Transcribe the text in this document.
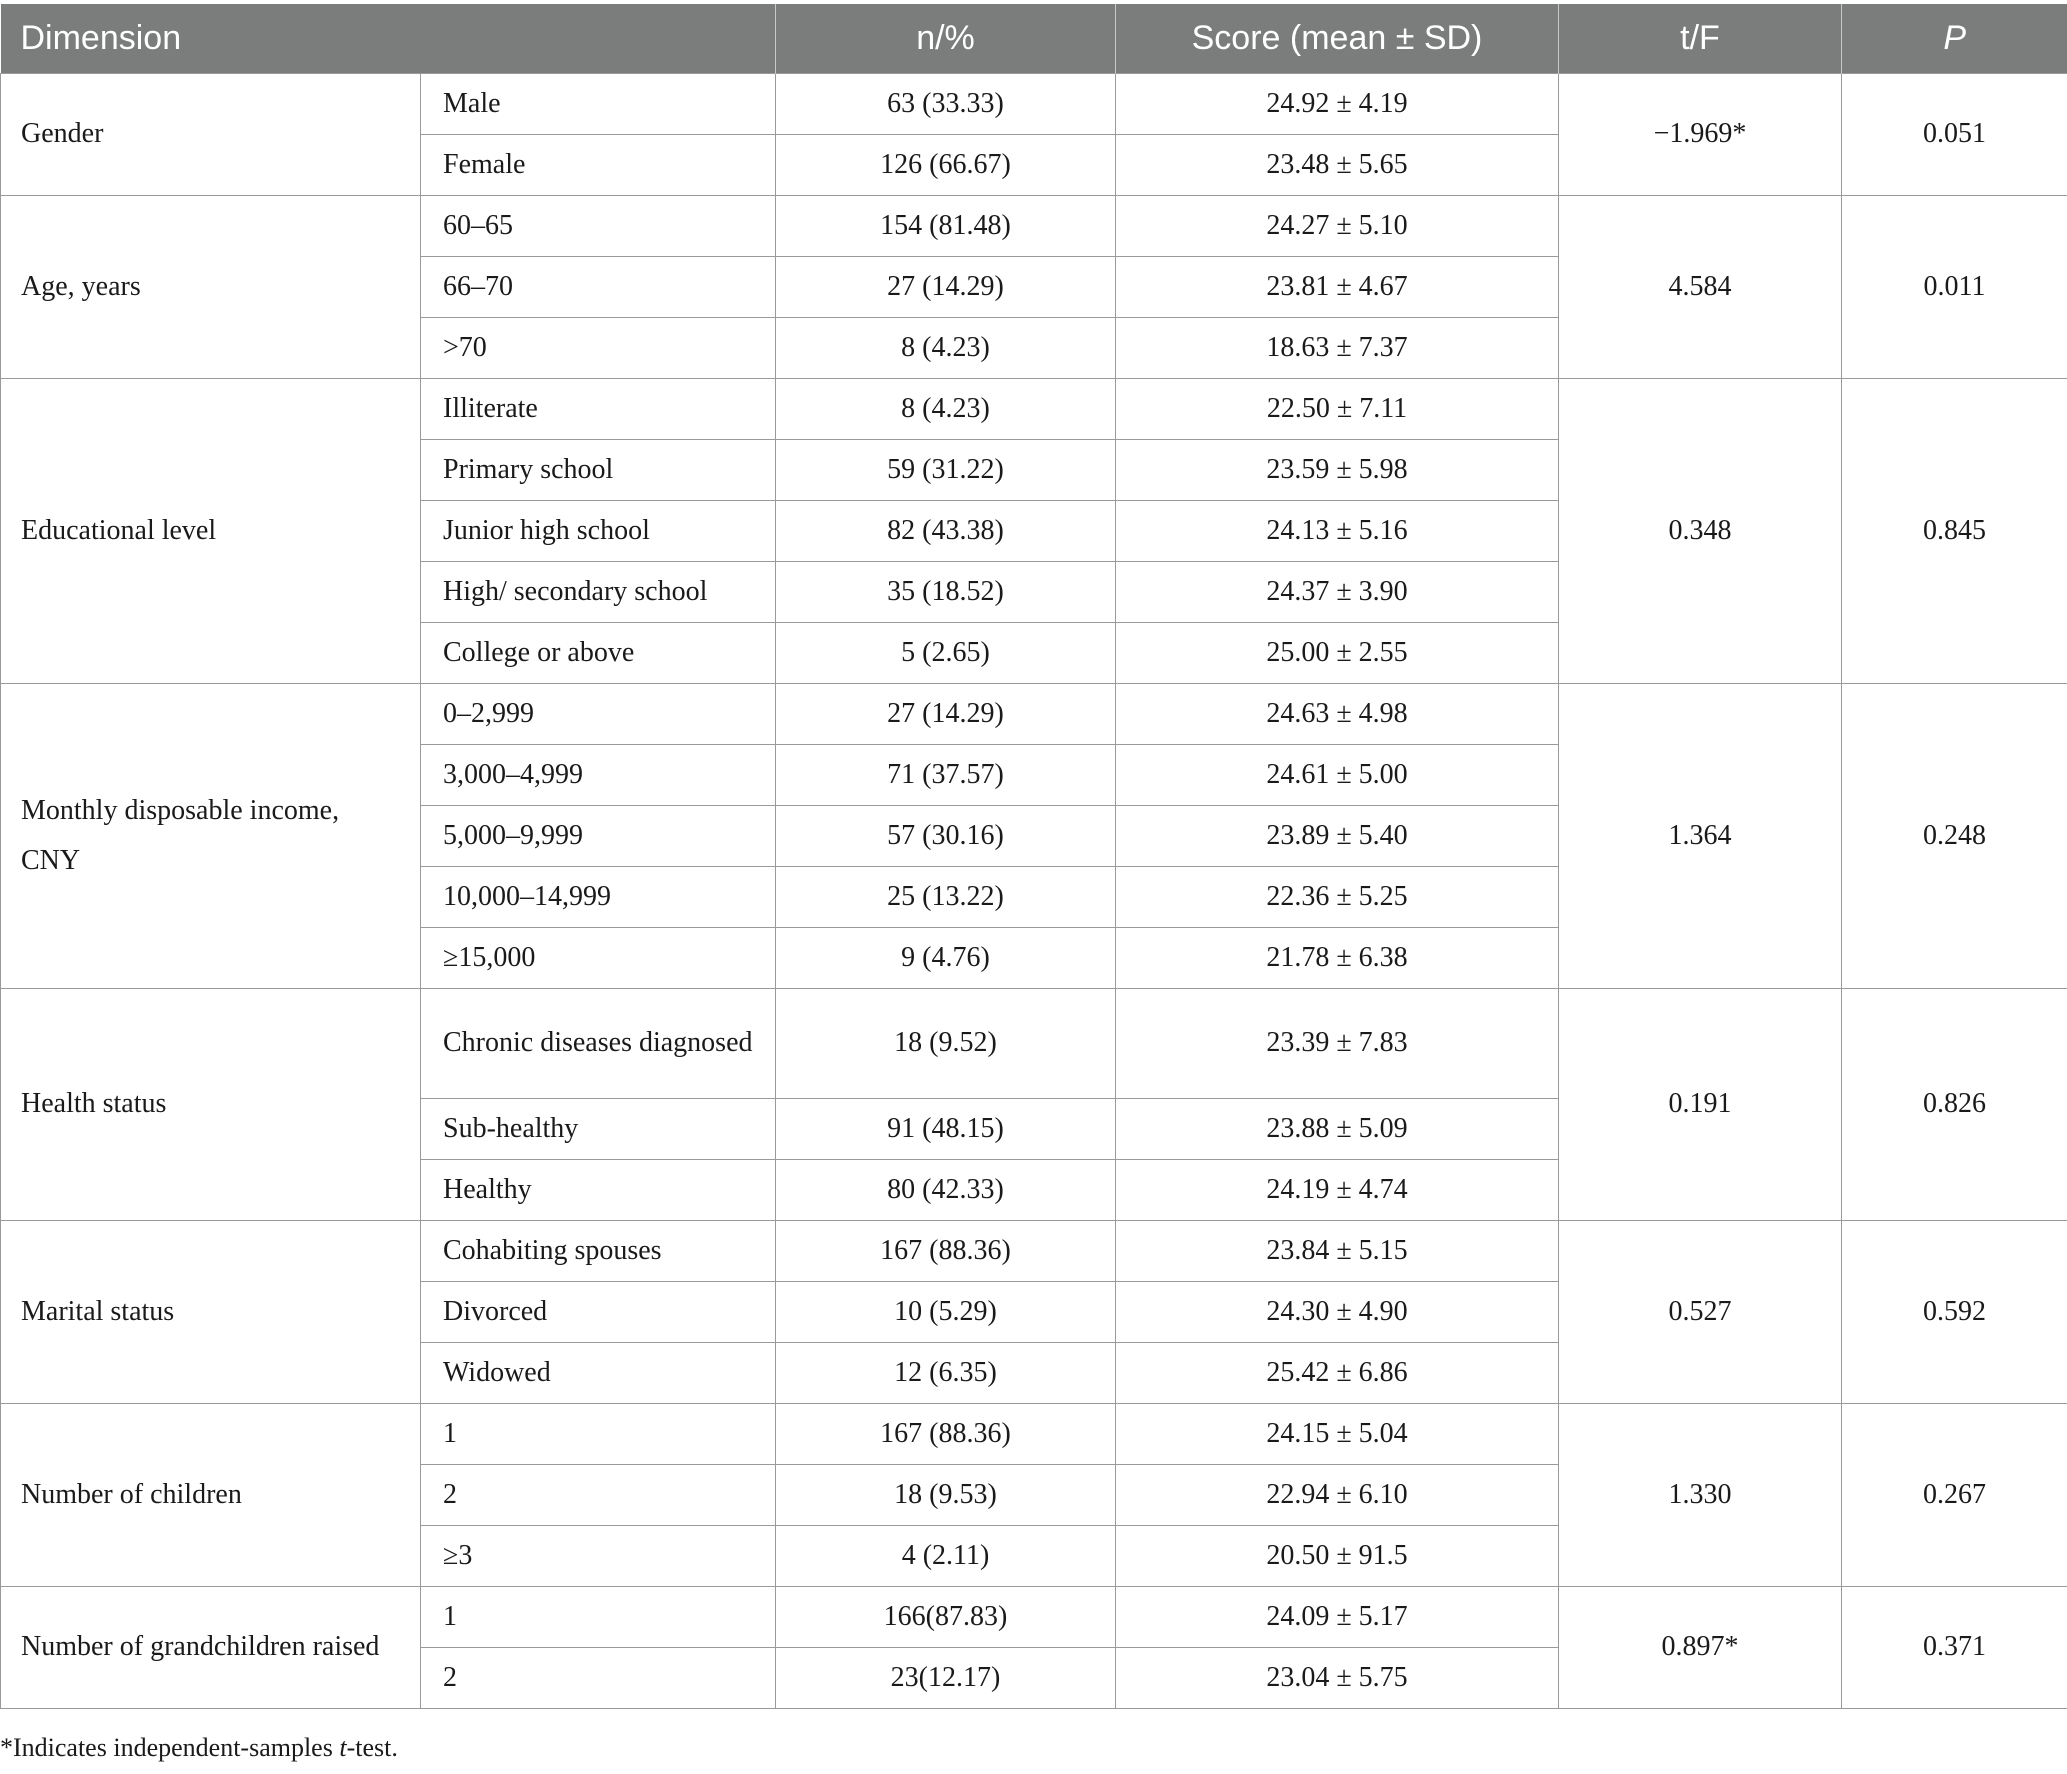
Dimension		n/%	Score (mean ± SD)	t/F	P
Gender	Male	63 (33.33)	24.92 ± 4.19	−1.969*	0.051
	Female	126 (66.67)	23.48 ± 5.65		
Age, years	60–65	154 (81.48)	24.27 ± 5.10	4.584	0.011
	66–70	27 (14.29)	23.81 ± 4.67		
	>70	8 (4.23)	18.63 ± 7.37		
Educational level	Illiterate	8 (4.23)	22.50 ± 7.11	0.348	0.845
	Primary school	59 (31.22)	23.59 ± 5.98		
	Junior high school	82 (43.38)	24.13 ± 5.16		
	High/ secondary school	35 (18.52)	24.37 ± 3.90		
	College or above	5 (2.65)	25.00 ± 2.55		
Monthly disposable income, CNY	0–2,999	27 (14.29)	24.63 ± 4.98	1.364	0.248
	3,000–4,999	71 (37.57)	24.61 ± 5.00		
	5,000–9,999	57 (30.16)	23.89 ± 5.40		
	10,000–14,999	25 (13.22)	22.36 ± 5.25		
	≥15,000	9 (4.76)	21.78 ± 6.38		
Health status	Chronic diseases diagnosed	18 (9.52)	23.39 ± 7.83	0.191	0.826
	Sub-healthy	91 (48.15)	23.88 ± 5.09		
	Healthy	80 (42.33)	24.19 ± 4.74		
Marital status	Cohabiting spouses	167 (88.36)	23.84 ± 5.15	0.527	0.592
	Divorced	10 (5.29)	24.30 ± 4.90		
	Widowed	12 (6.35)	25.42 ± 6.86		
Number of children	1	167 (88.36)	24.15 ± 5.04	1.330	0.267
	2	18 (9.53)	22.94 ± 6.10		
	≥3	4 (2.11)	20.50 ± 91.5		
Number of grandchildren raised	1	166(87.83)	24.09 ± 5.17	0.897*	0.371
	2	23(12.17)	23.04 ± 5.75		
*Indicates independent-samples t-test.
